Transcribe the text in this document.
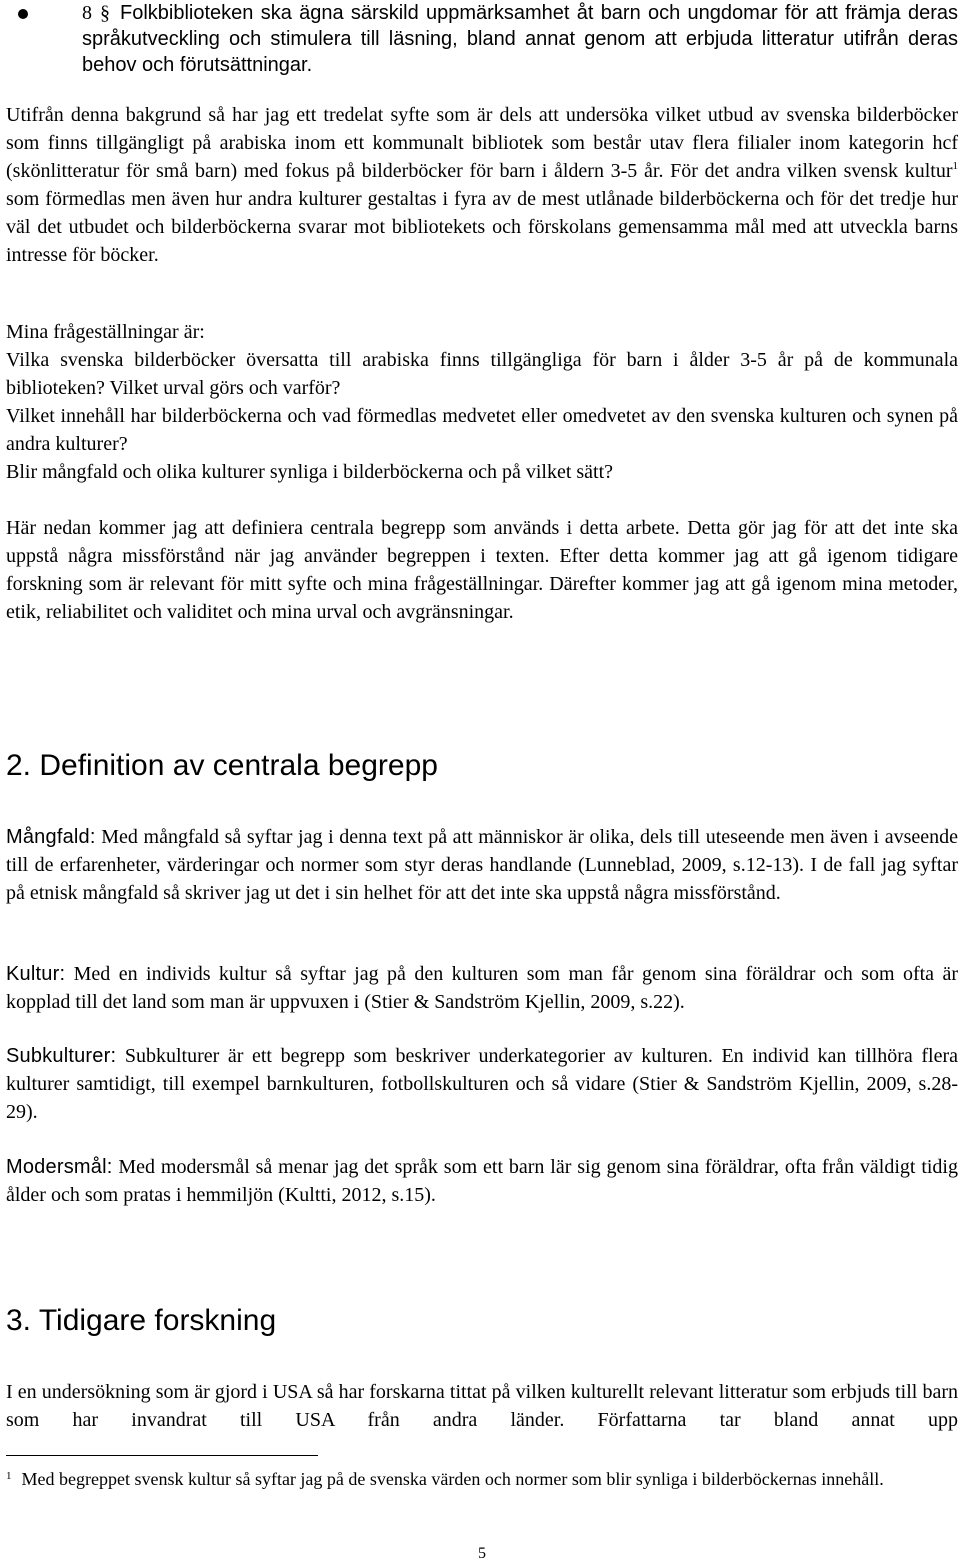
8 § Folkbiblioteken ska ägna särskild uppmärksamhet åt barn och ungdomar för att främja deras språkutveckling och stimulera till läsning, bland annat genom att erbjuda litteratur utifrån deras behov och förutsättningar.

Utifrån denna bakgrund så har jag ett tredelat syfte som är dels att undersöka vilket utbud av svenska bilderböcker som finns tillgängligt på arabiska inom ett kommunalt bibliotek som består utav flera filialer inom kategorin hcf (skönlitteratur för små barn) med fokus på bilderböcker för barn i åldern 3-5 år. För det andra vilken svensk kultur$^1$ som förmedlas men även hur andra kulturer gestaltas i fyra av de mest utlånade bilderböckerna och för det tredje hur väl det utbudet och bilderböckerna svarar mot bibliotekets och förskolans gemensamma mål med att utveckla barns intresse för böcker.

Mina frågeställningar är:

Vilka svenska bilderböcker översatta till arabiska finns tillgängliga för barn i ålder 3-5 år på de kommunala biblioteken? Vilket urval görs och varför?

Vilket innehåll har bilderböckerna och vad förmedlas medvetet eller omedvetet av den svenska kulturen och synen på andra kulturer?

Blir mångfald och olika kulturer synliga i bilderböckerna och på vilket sätt?

Här nedan kommer jag att definiera centrala begrepp som används i detta arbete. Detta gör jag för att det inte ska uppstå några missförstånd när jag använder begreppen i texten. Efter detta kommer jag att gå igenom tidigare forskning som är relevant för mitt syfte och mina frågeställningar. Därefter kommer jag att gå igenom mina metoder, etik, reliabilitet och validitet och mina urval och avgränsningar.

2. Definition av centrala begrepp

Mångfald: Med mångfald så syftar jag i denna text på att människor är olika, dels till uteseende men även i avseende till de erfarenheter, värderingar och normer som styr deras handlande (Lunneblad, 2009, s.12-13). I de fall jag syftar på etnisk mångfald så skriver jag ut det i sin helhet för att det inte ska uppstå några missförstånd.

Kultur: Med en individs kultur så syftar jag på den kulturen som man får genom sina föräldrar och som ofta är kopplad till det land som man är uppvuxen i (Stier & Sandström Kjellin, 2009, s.22).

Subkulturer: Subkulturer är ett begrepp som beskriver underkategorier av kulturen. En individ kan tillhöra flera kulturer samtidigt, till exempel barnkulturen, fotbollskulturen och så vidare (Stier & Sandström Kjellin, 2009, s.28-29).

Modersmål: Med modersmål så menar jag det språk som ett barn lär sig genom sina föräldrar, ofta från väldigt tidig ålder och som pratas i hemmiljön (Kultti, 2012, s.15).

3. Tidigare forskning

I en undersökning som är gjord i USA så har forskarna tittat på vilken kulturellt relevant litteratur som erbjuds till barn som har invandrat till USA från andra länder. Författarna tar bland annat upp

$^1$ Med begreppet svensk kultur så syftar jag på de svenska värden och normer som blir synliga i bilderböckernas innehåll.
5
